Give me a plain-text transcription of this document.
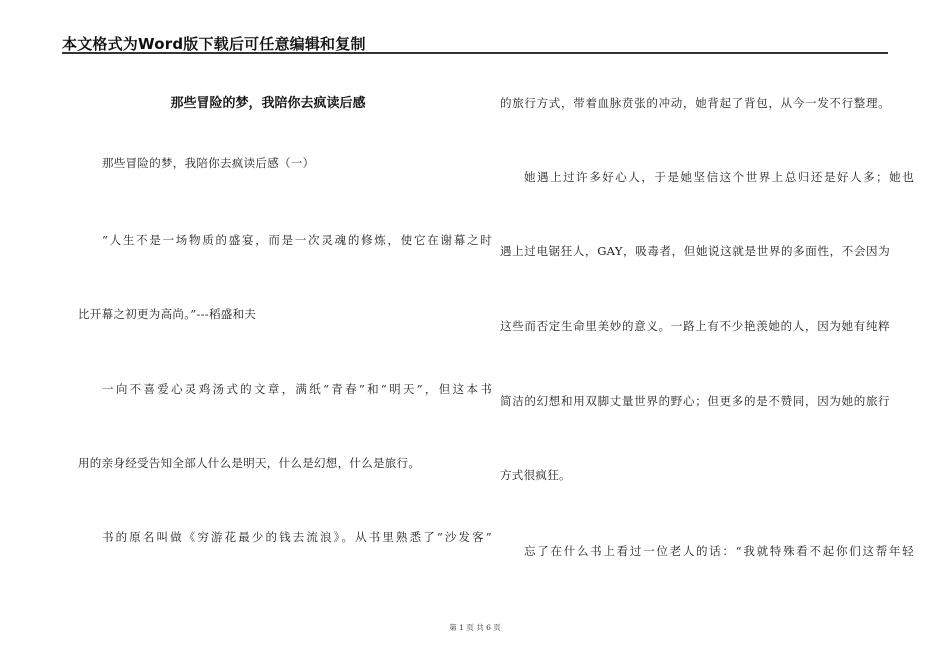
本文格式为Word版下载后可任意编辑和复制
那些冒险的梦，我陪你去疯读后感
那些冒险的梦，我陪你去疯读后感（一）
“人生不是一场物质的盛宴，而是一次灵魂的修炼，使它在谢幕之时
比开幕之初更为高尚。”---稻盛和夫
一向不喜爱心灵鸡汤式的文章，满纸“青春”和“明天”，但这本书
用的亲身经受告知全部人什么是明天，什么是幻想，什么是旅行。
书的原名叫做《穷游花最少的钱去流浪》。从书里熟悉了“沙发客”
的旅行方式，带着血脉贲张的冲动，她背起了背包，从今一发不行整理。
她遇上过许多好心人，于是她坚信这个世界上总归还是好人多；她也
遇上过电锯狂人，GAY，吸毒者，但她说这就是世界的多面性，不会因为
这些而否定生命里美妙的意义。一路上有不少艳羡她的人，因为她有纯粹
简洁的幻想和用双脚丈量世界的野心；但更多的是不赞同，因为她的旅行
方式很疯狂。
忘了在什么书上看过一位老人的话：“我就特殊看不起你们这帮年轻
第 1 页 共 6 页
